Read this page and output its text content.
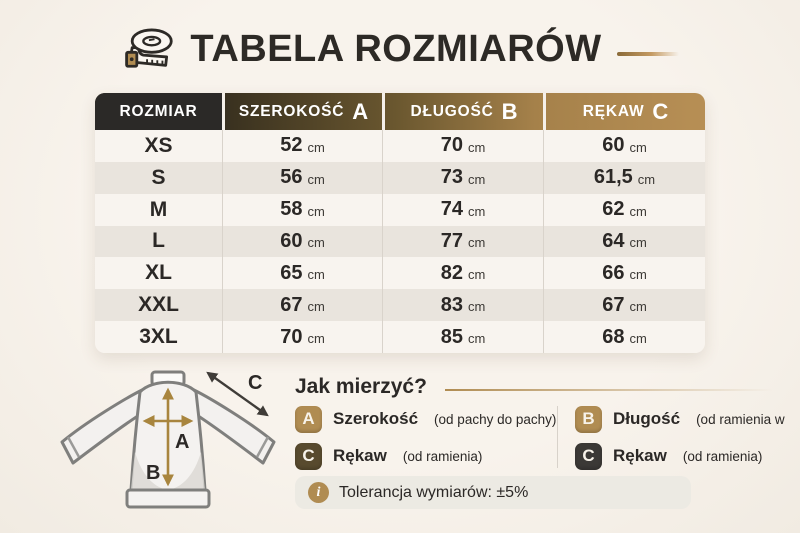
TABELA ROZMIARÓW
ROZMIAR	SZEROKOŚĆ A	DŁUGOŚĆ B	RĘKAW C
XS	52 cm	70 cm	60 cm
S	56 cm	73 cm	61,5 cm
M	58 cm	74 cm	62 cm
L	60 cm	77 cm	64 cm
XL	65 cm	82 cm	66 cm
XXL	67 cm	83 cm	67 cm
3XL	70 cm	85 cm	68 cm
A
B
C Jak mierzyć?
A	Szerokość (od pachy do pachy)
C	Rękaw (od ramienia)
B	Długość (od ramienia w
C	Rękaw (od ramienia)
i	Tolerancja wymiarów: ±5%
